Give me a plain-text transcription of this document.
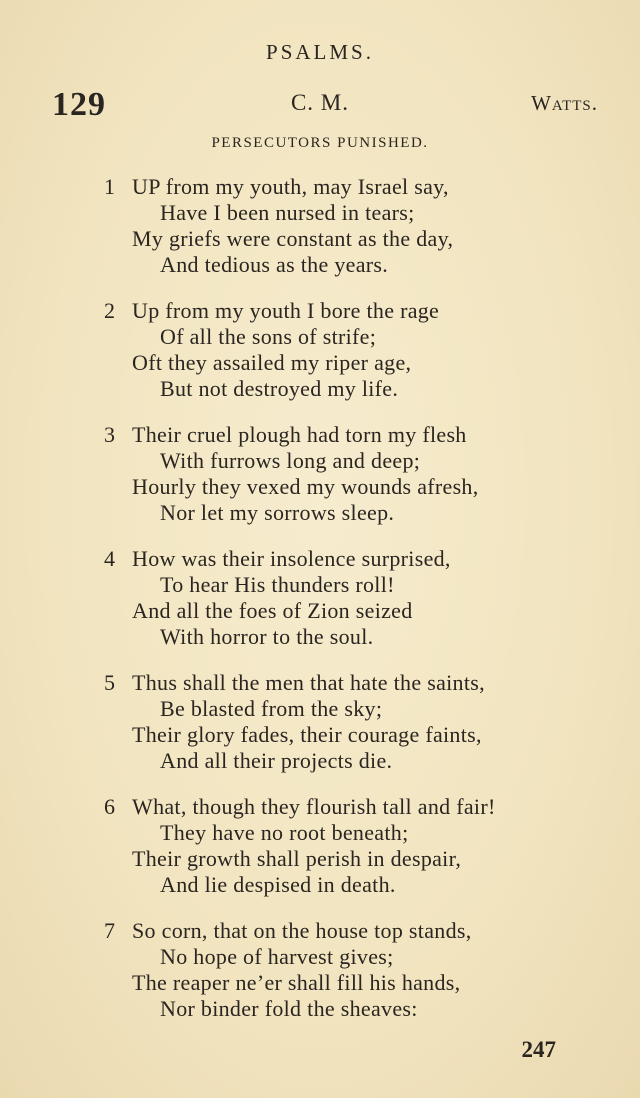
PSALMS.
129	C. M.	Watts.
PERSECUTORS PUNISHED.
1 UP from my youth, may Israel say,
Have I been nursed in tears;
My griefs were constant as the day,
And tedious as the years.
2 Up from my youth I bore the rage
Of all the sons of strife;
Oft they assailed my riper age,
But not destroyed my life.
3 Their cruel plough had torn my flesh
With furrows long and deep;
Hourly they vexed my wounds afresh,
Nor let my sorrows sleep.
4 How was their insolence surprised,
To hear His thunders roll!
And all the foes of Zion seized
With horror to the soul.
5 Thus shall the men that hate the saints,
Be blasted from the sky;
Their glory fades, their courage faints,
And all their projects die.
6 What, though they flourish tall and fair!
They have no root beneath;
Their growth shall perish in despair,
And lie despised in death.
7 So corn, that on the house top stands,
No hope of harvest gives;
The reaper ne’er shall fill his hands,
Nor binder fold the sheaves:
247
